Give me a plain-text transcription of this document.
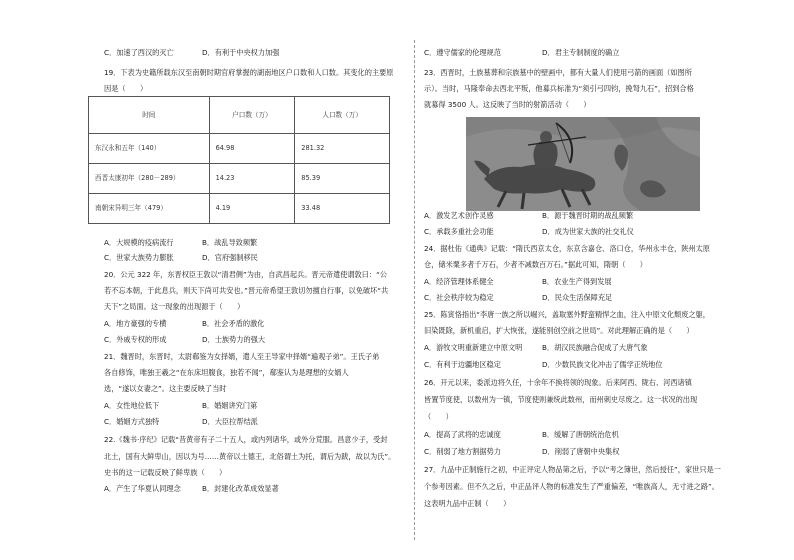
C．加速了西汉的灭亡	D．有利于中央权力加强
19．下表为史籍所载东汉至南朝时期官府掌握的湖南地区户口数和人口数。其变化的主要原
因是（　　）
时间	户口数（万）	人口数（万）
东汉永和五年（140）	64.98	281.32
西晋太康初年（280－289）	14.23	85.39
南朝宋异明三年（479）	4.19	33.48
A．大规模的疫病流行	B．战乱导致频繁
C．世家大族势力膨胀	D．官府强制移民
20．公元 322 年，东晋权臣王敦以“清君侧”为由，自武昌起兵。晋元帝遣使谓敦曰：“公
若不忘本朝，于此息兵，则天下尚可共安也。”晋元帝希望王敦切勿擅自行事，以免破坏“共
天下”之局面。这一现象的出现源于（　　）
A．地方豪强的专横	B．社会矛盾的激化
C．外戚专权的形成	D．士族势力的强大
21．魏晋时，东晋时，太尉郗鉴为女择婿，遣人至王导家中择婿“遍观子弟”。王氏子弟
各自修饰，唯独王羲之“在东床坦腹食，独若不闻”，郗鉴认为是理想的女婿人
选，“遂以女妻之”。这主要反映了当时
A．女性地位低下	B．婚姻讲究门第
C．婚姻方式独特	D．大臣拉帮结派
22.《魏书·序纪》记载“昔黄帝有子二十五人，或内列诸华，或外分荒服。昌意少子，受封
北土，国有大鲜卑山，因以为号……黄帝以土德王，北俗谓土为托，谓后为跋，故以为氏”。
史书的这一记载反映了鲜卑族（　　）
A．产生了华夏认同理念	B．封建化改革成效显著
C．遵守儒家的伦理规范	D．君主专制制度的确立
23．西晋时，土族墓葬和宗族墓中的壁画中，都有大量人们使用弓箭的画面（如图所
示）。当时，马隆奉命去西北平叛，他募兵标准为“须引弓四钧，挽弩九石”，招到合格
就募得 3500 人。这反映了当时的射箭活动（　　）
A．激发艺术创作灵感	B．源于魏晋时期的战乱频繁
C．承载多重社会功能	D．成为世家大族的社交礼仪
24．据杜佑《通典》记载：“隋氏西京太仓，东京含嘉仓、洛口仓，华州永丰仓，陕州太原
仓，储米粟多者千万石，少者不减数百万石。”据此可知，隋朝（　　）
A．经济管理体系健全	B．农业生产得到发展
C．社会秩序较为稳定	D．民众生活保障充足
25．陈寅恪指出“李唐一族之所以崛兴，盖取塞外野蛮精悍之血，注入中原文化颓废之躯，
旧染既除，新机重启，扩大恢张，遂能别创空前之世局”。对此理解正确的是（　　）
A．游牧文明重新建立中原文明	B．胡汉民族融合促成了大唐气象
C．有利于边疆地区稳定	D．少数民族文化冲击了儒学正统地位
26．开元以来，委派边将久任，十余年不换将领的现象。后来阿西、陇右、河西诸镇
皆置节度使，以数州为一镇，节度使则兼统此数州，而州刺史尽废之。这一状况的出现
（　　）
A．提高了武将的忠诚度	B．缓解了唐朝统治危机
C．削弱了地方割据势力	D．削弱了唐朝中央集权
27．九品中正制施行之初，中正评定人物品第之后，予以“考之簿世，然后授任”，家世只是一
个参考因素。但不久之后，中正品评人物的标准发生了严重偏差，“唯族高人，无寸进之路”。
这表明九品中正制（　　）
